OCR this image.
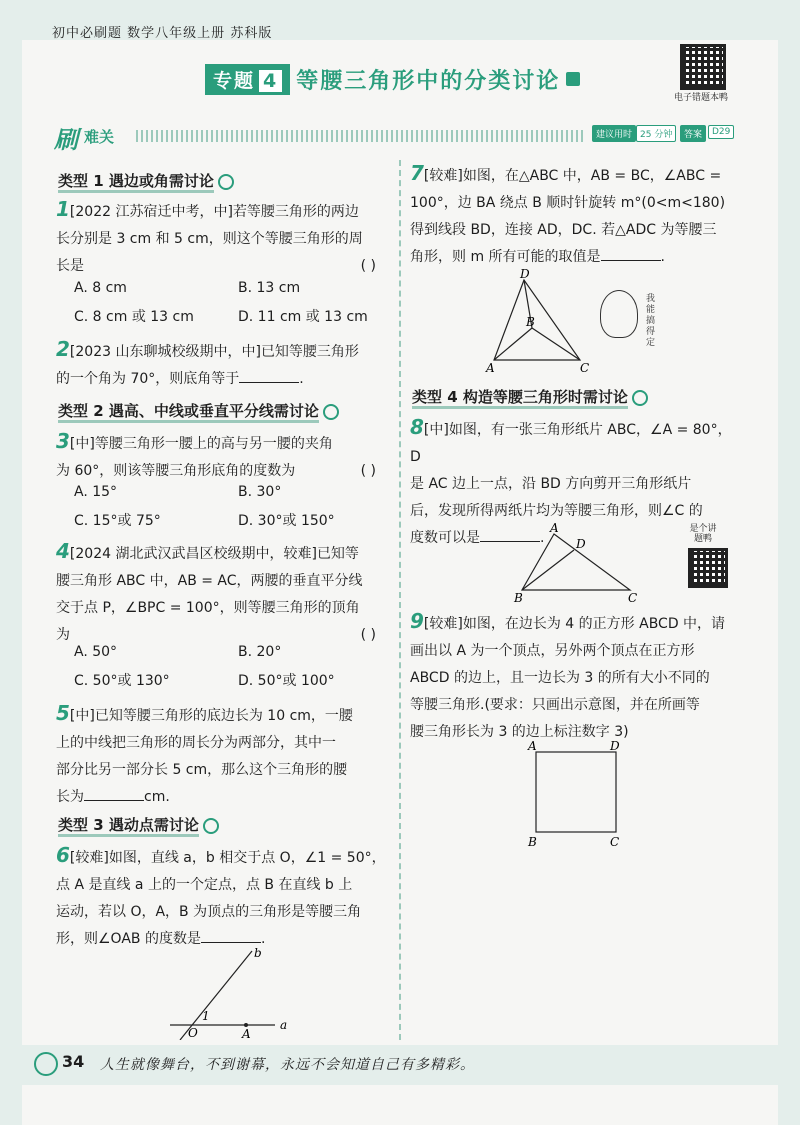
初中必刷题 数学八年级上册 苏科版
专题 4 等腰三角形中的分类讨论
电子错题本鸭
刷 难关	建议用时 25 分钟	答案	D29
类型 1 遇边或角需讨论
1[2022 江苏宿迁中考，中]若等腰三角形的两边
长分别是 3 cm 和 5 cm，则这个等腰三角形的周
长是	( )
A. 8 cm	B. 13 cm
C. 8 cm 或 13 cm	D. 11 cm 或 13 cm
2[2023 山东聊城校级期中，中]已知等腰三角形
的一个角为 70°，则底角等于	.
类型 2 遇高、中线或垂直平分线需讨论
3[中]等腰三角形一腰上的高与另一腰的夹角
为 60°，则该等腰三角形底角的度数为	( )
A. 15°	B. 30°
C. 15°或 75°	D. 30°或 150°
4[2024 湖北武汉武昌区校级期中，较难]已知等
腰三角形 ABC 中，AB = AC，两腰的垂直平分线
交于点 P，∠BPC = 100°，则等腰三角形的顶角
为	( )
A. 50°	B. 20°
C. 50°或 130°	D. 50°或 100°
5[中]已知等腰三角形的底边长为 10 cm，一腰
上的中线把三角形的周长分为两部分，其中一
部分比另一部分长 5 cm，那么这个三角形的腰
长为	cm.
类型 3 遇动点需讨论
6[较难]如图，直线 a，b 相交于点 O，∠1 = 50°，
点 A 是直线 a 上的一个定点，点 B 在直线 b 上
运动，若以 O，A，B 为顶点的三角形是等腰三角
形，则∠OAB 的度数是	.
b
1
O	A
a
7[较难]如图，在△ABC 中，AB = BC，∠ABC =
100°，边 BA 绕点 B 顺时针旋转 m°(0<m<180)
得到线段 BD，连接 AD，DC. 若△ADC 为等腰三
角形，则 m 所有可能的取值是	.
D
B
A	C
我能搞得定
类型 4 构造等腰三角形时需讨论
8[中]如图，有一张三角形纸片 ABC，∠A = 80°，D
是 AC 边上一点，沿 BD 方向剪开三角形纸片
后，发现所得两纸片均为等腰三角形，则∠C 的
度数可以是	.
A
D
B	C
是个讲题鸭
9[较难]如图，在边长为 4 的正方形 ABCD 中，请
画出以 A 为一个顶点，另外两个顶点在正方形
ABCD 的边上，且一边长为 3 的所有大小不同的
等腰三角形.(要求：只画出示意图，并在所画等
腰三角形长为 3 的边上标注数字 3)
A	D
B	C
34 人生就像舞台，不到谢幕，永远不会知道自己有多精彩。
